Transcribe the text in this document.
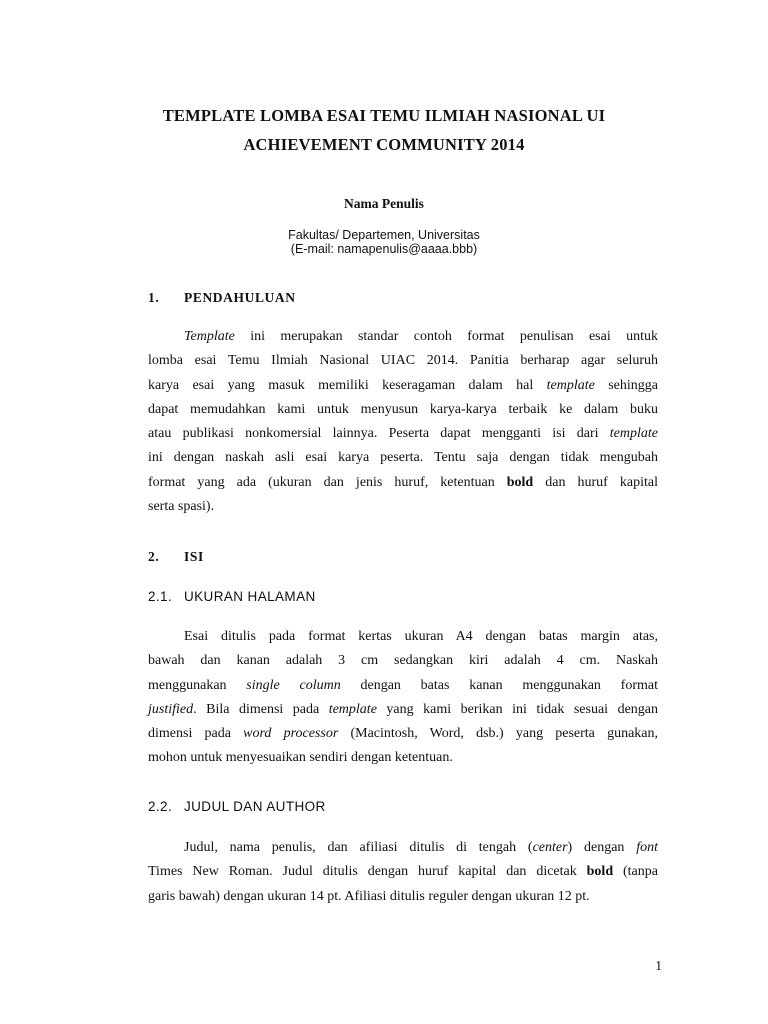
TEMPLATE LOMBA ESAI TEMU ILMIAH NASIONAL UI
ACHIEVEMENT COMMUNITY 2014
Nama Penulis
Fakultas/ Departemen, Universitas
(E-mail: namapenulis@aaaa.bbb)
1. PENDAHULUAN
Template ini merupakan standar contoh format penulisan esai untuk
lomba esai Temu Ilmiah Nasional UIAC 2014. Panitia berharap agar seluruh
karya esai yang masuk memiliki keseragaman dalam hal template sehingga
dapat memudahkan kami untuk menyusun karya-karya terbaik ke dalam buku
atau publikasi nonkomersial lainnya. Peserta dapat mengganti isi dari template
ini dengan naskah asli esai karya peserta. Tentu saja dengan tidak mengubah
format yang ada (ukuran dan jenis huruf, ketentuan bold dan huruf kapital
serta spasi).
2. ISI
2.1. UKURAN HALAMAN
Esai ditulis pada format kertas ukuran A4 dengan batas margin atas,
bawah dan kanan adalah 3 cm sedangkan kiri adalah 4 cm. Naskah
menggunakan single column dengan batas kanan menggunakan format
justified. Bila dimensi pada template yang kami berikan ini tidak sesuai dengan
dimensi pada word processor (Macintosh, Word, dsb.) yang peserta gunakan,
mohon untuk menyesuaikan sendiri dengan ketentuan.
2.2. JUDUL DAN AUTHOR
Judul, nama penulis, dan afiliasi ditulis di tengah (center) dengan font
Times New Roman. Judul ditulis dengan huruf kapital dan dicetak bold (tanpa
garis bawah) dengan ukuran 14 pt. Afiliasi ditulis reguler dengan ukuran 12 pt.
1
